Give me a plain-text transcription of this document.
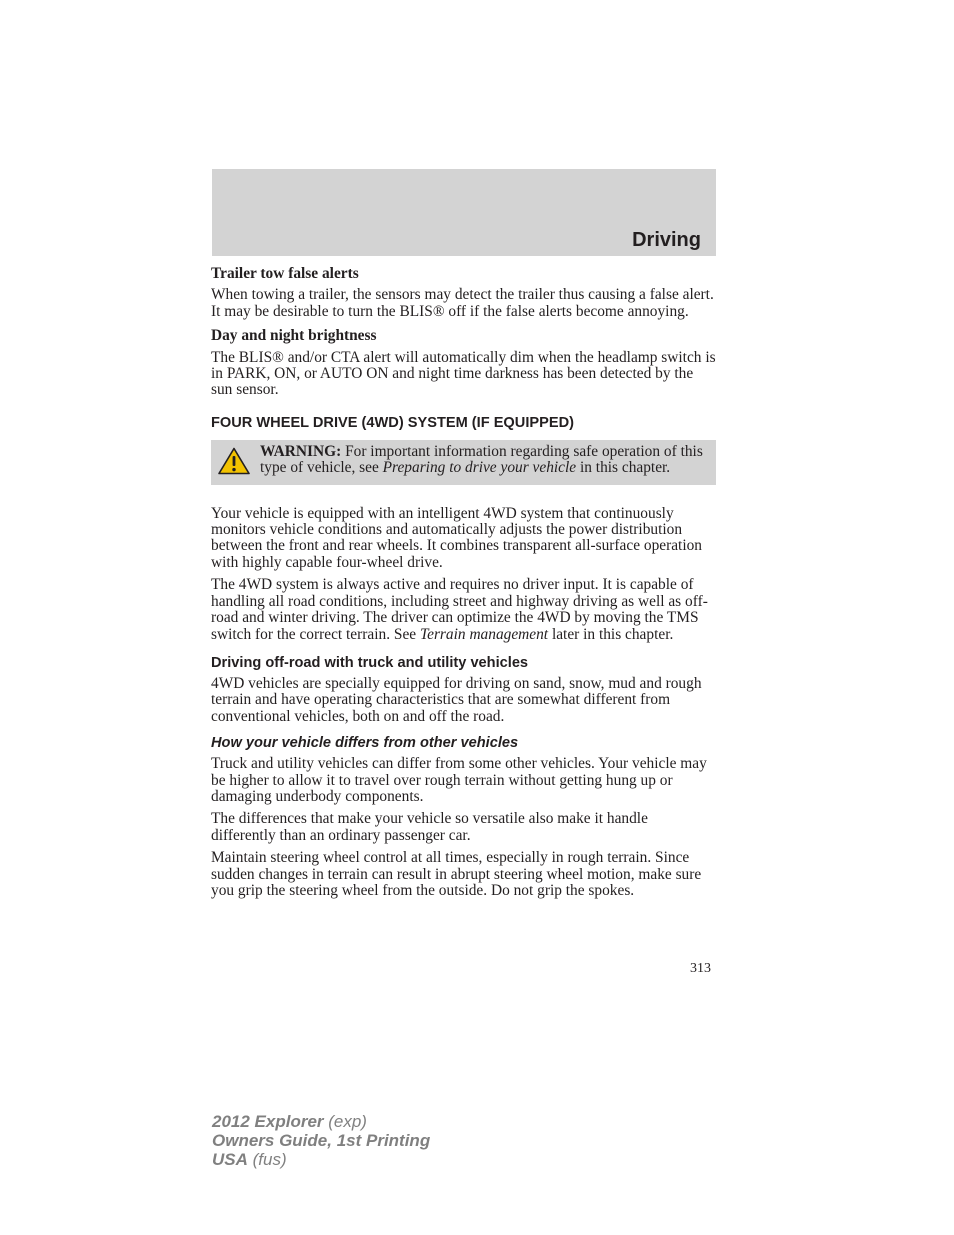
Driving
Trailer tow false alerts

When towing a trailer, the sensors may detect the trailer thus causing a false alert. It may be desirable to turn the BLIS® off if the false alerts become annoying.

Day and night brightness

The BLIS® and/or CTA alert will automatically dim when the headlamp switch is in PARK, ON, or AUTO ON and night time darkness has been detected by the sun sensor.

FOUR WHEEL DRIVE (4WD) SYSTEM (IF EQUIPPED)
WARNING: For important information regarding safe operation of this type of vehicle, see Preparing to drive your vehicle in this chapter.

Your vehicle is equipped with an intelligent 4WD system that continuously monitors vehicle conditions and automatically adjusts the power distribution between the front and rear wheels. It combines transparent all-surface operation with highly capable four-wheel drive.

The 4WD system is always active and requires no driver input. It is capable of handling all road conditions, including street and highway driving as well as off-road and winter driving. The driver can optimize the 4WD by moving the TMS switch for the correct terrain. See Terrain management later in this chapter.

Driving off-road with truck and utility vehicles

4WD vehicles are specially equipped for driving on sand, snow, mud and rough terrain and have operating characteristics that are somewhat different from conventional vehicles, both on and off the road.

How your vehicle differs from other vehicles

Truck and utility vehicles can differ from some other vehicles. Your vehicle may be higher to allow it to travel over rough terrain without getting hung up or damaging underbody components.

The differences that make your vehicle so versatile also make it handle differently than an ordinary passenger car.

Maintain steering wheel control at all times, especially in rough terrain. Since sudden changes in terrain can result in abrupt steering wheel motion, make sure you grip the steering wheel from the outside. Do not grip the spokes.

313
2012 Explorer (exp)
Owners Guide, 1st Printing
USA (fus)
